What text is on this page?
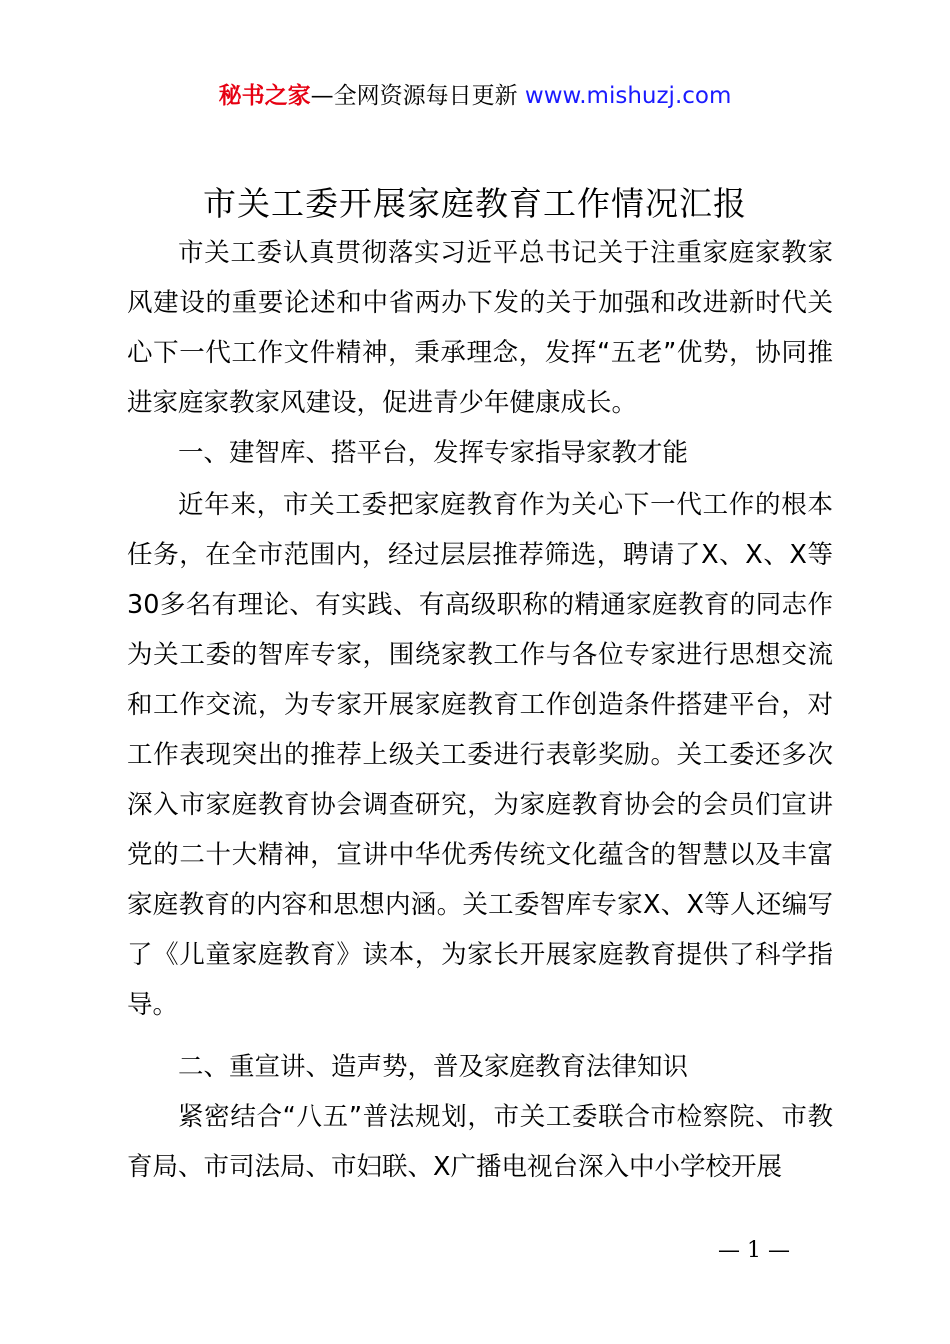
秘书之家—全网资源每日更新 www.mishuzj.com
市关工委开展家庭教育工作情况汇报

市关工委认真贯彻落实习近平总书记关于注重家庭家教家风建设的重要论述和中省两办下发的关于加强和改进新时代关心下一代工作文件精神，秉承理念，发挥“五老”优势，协同推进家庭家教家风建设，促进青少年健康成长。

一、建智库、搭平台，发挥专家指导家教才能

近年来，市关工委把家庭教育作为关心下一代工作的根本任务，在全市范围内，经过层层推荐筛选，聘请了X、X、X等30多名有理论、有实践、有高级职称的精通家庭教育的同志作为关工委的智库专家，围绕家教工作与各位专家进行思想交流和工作交流，为专家开展家庭教育工作创造条件搭建平台，对工作表现突出的推荐上级关工委进行表彰奖励。关工委还多次深入市家庭教育协会调查研究，为家庭教育协会的会员们宣讲党的二十大精神，宣讲中华优秀传统文化蕴含的智慧以及丰富家庭教育的内容和思想内涵。关工委智库专家X、X等人还编写了《儿童家庭教育》读本，为家长开展家庭教育提供了科学指导。

二、重宣讲、造声势，普及家庭教育法律知识

紧密结合“八五”普法规划，市关工委联合市检察院、市教育局、市司法局、市妇联、X广播电视台深入中小学校开展

— 1 —
